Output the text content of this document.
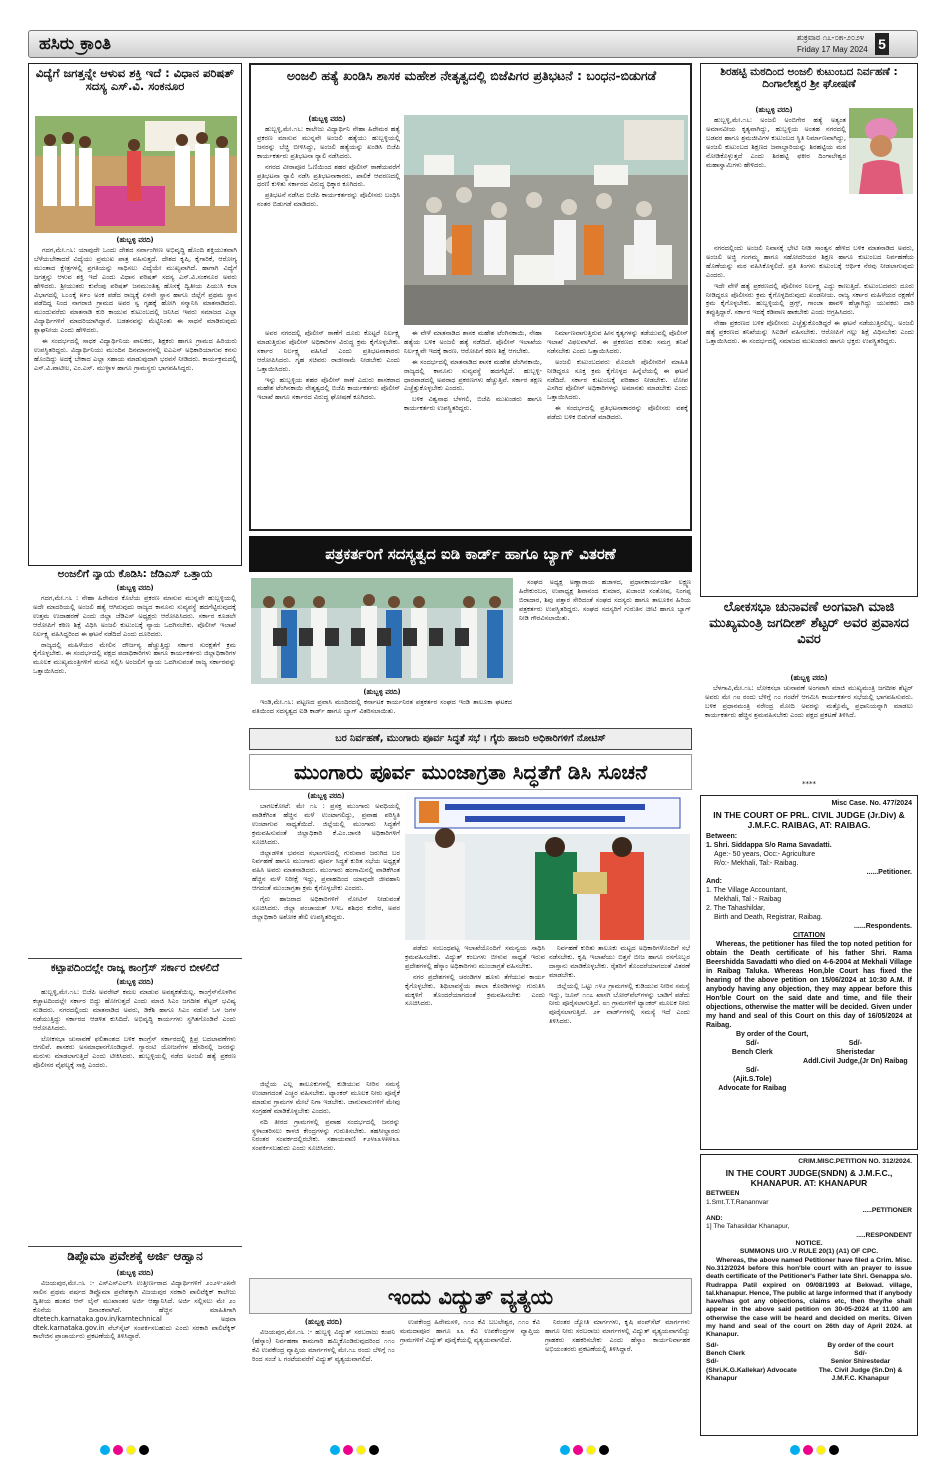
ಹಸಿರು ಕ್ರಾಂತಿ	ಶುಕ್ರವಾರ ೧೭-೦೫-೨೦೨೪
Friday 17 May 2024 5
ವಿದ್ಯೆಗೆ ಜಗತ್ತನ್ನೇ ಆಳುವ ಶಕ್ತಿ ಇದೆ : ವಿಧಾನ ಪರಿಷತ್ ಸದಸ್ಯ ಎಸ್.ವಿ. ಸಂಕನೂರ
(ಹುಬ್ಬಳ್ಳಿ ವರದಿ)

ಗದಗ,ಮೇ.೧೬: ಯಾವುದೇ ಒಂದು ದೇಶದ ಸರ್ವಾಂಗೀಣ ಅಭಿವೃದ್ಧಿ ಹೊಂದಿ ಶಕ್ತಿಯುತವಾಗಿ ಬೆಳೆಯಬೇಕಾದರೆ ವಿದ್ಯೆಯು ಪ್ರಮುಖ ಪಾತ್ರ ವಹಿಸುತ್ತದೆ. ದೇಶದ ಕೃಷಿ, ಕೈಗಾರಿಕೆ, ಆರೋಗ್ಯ ಮುಂತಾದ ಕ್ಷೇತ್ರಗಳಲ್ಲಿ ಪ್ರಗತಿಯನ್ನು ಸಾಧಿಸಲು ವಿದ್ಯೆಯೇ ಮುಖ್ಯವಾಗಿದೆ. ಹಾಗಾಗಿ ವಿದ್ಯೆಗೆ ಜಗತ್ತನ್ನು ಆಳುವ ಶಕ್ತಿ ಇದೆ ಎಂದು ವಿಧಾನ ಪರಿಷತ್ ಸದಸ್ಯ ಎಸ್.ವಿ.ಸಂಕನೂರ ಅವರು ಹೇಳಿದರು. ಶ್ರೀಯುತರು ಕುವೆಂಪು ಪರಿಷತ್ ಜನಮುಂತಿತ್ವ ಹೊಸಕ್ಕೆ ದ್ವಿತೀಯ ಪಿಯುಸಿ ಕಲಾ ವಿಭಾಗದಲ್ಲಿ ೬೦೦ಕ್ಕೆ ೫೯೦ ಅಂಕ ಪಡೆದ ರಾಜ್ಯಕ್ಕೆ ಏಳನೇ ಸ್ಥಾನ ಹಾಗೂ ಜಿಲ್ಲೆಗೆ ಪ್ರಥಮ ಸ್ಥಾನ ಪಡೆದಿದ್ದ ನಿಂದ ನಾಗರಾಜಿ ಗ್ರಾಮದ ಅವರ ಸ್ವ ಗೃಹಕ್ಕೆ ಹೋಗಿ ಸನ್ಮಾನಿಸಿ ಮಾತನಾಡಿದರು. ಮುಂದುವರೆದು ಮಾತನಾಡಿ ಕುರಿ ಕಾಯುವ ಕುಟುಂಬದಲ್ಲಿ ಜನಿಸಿದ ಇವರು ಸಮಾಜದ ಎಲ್ಲಾ ವಿದ್ಯಾರ್ಥಿಗಳಿಗೆ ಮಾದರಿಯಾಗಿದ್ದಾರೆ. ಬಡತನವನ್ನು ಮೆಟ್ಟಿನಿಂತು ಈ ಸಾಧನೆ ಮಾಡಿರುವುದು ಶ್ಲಾಘನೀಯ ಎಂದು ಹೇಳಿದರು.

ಈ ಸಂದರ್ಭದಲ್ಲಿ ಸಾಧಕ ವಿದ್ಯಾರ್ಥಿನಿಯ ಪಾಲಕರು, ಶಿಕ್ಷಕರು ಹಾಗೂ ಗ್ರಾಮದ ಹಿರಿಯರು ಉಪಸ್ಥಿತರಿದ್ದರು. ವಿದ್ಯಾರ್ಥಿನಿಯು ಮುಂದಿನ ದಿನಮಾನಗಳಲ್ಲಿ ಐಎಎಸ್ ಅಧಿಕಾರಿಯಾಗುವ ಕನಸು ಹೊಂದಿದ್ದು ಅದಕ್ಕೆ ಬೇಕಾದ ಎಲ್ಲಾ ಸಹಾಯ ಮಾಡುವುದಾಗಿ ಭರವಸೆ ನೀಡಿದರು. ಕಾರ್ಯಕ್ರಮದಲ್ಲಿ ಎಸ್.ವಿ.ಪಾಟೀಲ, ಎಂ.ಎಸ್. ಮುಳ್ಳಾಳ ಹಾಗೂ ಗ್ರಾಮಸ್ಥರು ಭಾಗವಹಿಸಿದ್ದರು.

ಅಂಜಲಿಗೆ ನ್ಯಾಯ ಕೊಡಿಸಿ: ಜೆಡಿಎಸ್ ಒತ್ತಾಯ
(ಹುಬ್ಬಳ್ಳಿ ವರದಿ)

ಗದಗ,ಮೇ.೧೬ : ನೇಹಾ ಹಿರೇಮಠ ಕೊಲೆಯ ಪ್ರಕರಣ ಮಾಸುವ ಮುನ್ನವೇ ಹುಬ್ಬಳ್ಳಿಯಲ್ಲಿ ಅದೇ ಮಾದರಿಯಲ್ಲಿ ಅಂಜಲಿ ಹತ್ಯೆ ಆಗಿರುವುದು ರಾಜ್ಯದ ಕಾನೂನು ಸುವ್ಯವಸ್ಥೆ ಹದಗೆಟ್ಟಿರುವುದಕ್ಕೆ ಉತ್ತಮ ಉದಾಹರಣೆ ಎಂದು ಜಿಲ್ಲಾ ಜೆಡಿಎಸ್ ಅಧ್ಯಕ್ಷರು ಆರೋಪಿಸಿದರು. ಸರ್ಕಾರ ಕೂಡಲೇ ಆರೋಪಿಗೆ ಕಠಿಣ ಶಿಕ್ಷೆ ವಿಧಿಸಿ ಅಂಜಲಿ ಕುಟುಂಬಕ್ಕೆ ನ್ಯಾಯ ಒದಗಿಸಬೇಕು. ಪೊಲೀಸ್ ಇಲಾಖೆ ನಿರ್ಲಕ್ಷ್ಯ ವಹಿಸಿದ್ದರಿಂದ ಈ ಘಟನೆ ನಡೆದಿದೆ ಎಂದು ದೂರಿದರು.

ರಾಜ್ಯದಲ್ಲಿ ಮಹಿಳೆಯರ ಮೇಲಿನ ದೌರ್ಜನ್ಯ ಹೆಚ್ಚುತ್ತಿದ್ದು ಸರ್ಕಾರ ಸುರಕ್ಷತೆಗೆ ಕ್ರಮ ಕೈಗೊಳ್ಳಬೇಕು. ಈ ಸಂದರ್ಭದಲ್ಲಿ ಪಕ್ಷದ ಪದಾಧಿಕಾರಿಗಳು ಹಾಗೂ ಕಾರ್ಯಕರ್ತರು ಜಿಲ್ಲಾಧಿಕಾರಿಗಳ ಮೂಲಕ ಮುಖ್ಯಮಂತ್ರಿಗಳಿಗೆ ಮನವಿ ಸಲ್ಲಿಸಿ ಅಂಜಲಿಗೆ ನ್ಯಾಯ ಒದಗಿಸುವಂತೆ ರಾಜ್ಯ ಸರ್ಕಾರವನ್ನು ಒತ್ತಾಯಿಸಿದರು.

ಕಟ್ಟಾಪದಿಂದಲ್ಲೇ ರಾಜ್ಯ ಕಾಂಗ್ರೆಸ್ ಸರ್ಕಾರ ಬೀಳಲಿದೆ
(ಹುಬ್ಬಳ್ಳಿ ವರದಿ)

ಹುಬ್ಬಳ್ಳಿ,ಮೇ.೧೬: ಬಿಜೆಪಿ ಅವರೇಟ್ ಕಮಲ ಮಾಡುವ ಅವಶ್ಯಕತೆಯಿಲ್ಲ. ಕಾಂಗ್ರೆಸ್‌ನೊಳಗಿನ ಕಚ್ಚಾಟದಿಂದಲ್ಲೇ ಸರ್ಕಾರ ಬಿದ್ದು ಹೋಗುತ್ತದೆ ಎಂದು ಮಾಜಿ ಸಿಎಂ ಜಗದೀಶ ಶೆಟ್ಟರ್ ಭವಿಷ್ಯ ನುಡಿದರು. ನಗರದಲ್ಲಿಂದು ಮಾತನಾಡಿದ ಅವರು, ಡಿಕೆಶಿ ಹಾಗೂ ಸಿಎಂ ನಡುವೆ ಒಳ ಜಗಳ ನಡೆಯುತ್ತಿದ್ದು ಸರ್ಕಾರದ ಆಡಳಿತ ಕುಸಿದಿದೆ. ಅಭಿವೃದ್ಧಿ ಕಾರ್ಯಗಳು ಸ್ಥಗಿತಗೊಂಡಿವೆ ಎಂದು ಆರೋಪಿಸಿದರು.

ಲೋಕಸಭಾ ಚುನಾವಣೆ ಫಲಿತಾಂಶದ ಬಳಿಕ ಕಾಂಗ್ರೆಸ್ ಸರ್ಕಾರದಲ್ಲಿ ಕ್ಷಿಪ್ರ ಬದಲಾವಣೆಗಳು ಆಗಲಿವೆ. ಶಾಸಕರು ಅಸಮಾಧಾನಗೊಂಡಿದ್ದಾರೆ. ಗ್ಯಾರಂಟಿ ಯೋಜನೆಗಳ ಹೆಸರಿನಲ್ಲಿ ಜನರನ್ನು ಮರುಳು ಮಾಡಲಾಗುತ್ತಿದೆ ಎಂದು ಟೀಕಿಸಿದರು. ಹುಬ್ಬಳ್ಳಿಯಲ್ಲಿ ನಡೆದ ಅಂಜಲಿ ಹತ್ಯೆ ಪ್ರಕರಣ ಪೊಲೀಸರ ವೈಫಲ್ಯಕ್ಕೆ ಸಾಕ್ಷಿ ಎಂದರು.

ಡಿಪ್ಲೊಮಾ ಪ್ರವೇಶಕ್ಕೆ ಅರ್ಜಿ ಆಹ್ವಾನ
(ಹುಬ್ಬಳ್ಳಿ ವರದಿ)

ವಿಜಯಪುರ,ಮೇ.೧೬ :- ಎಸ್ಎಸ್ಎಲ್‌ಸಿ ಉತ್ತೀರ್ಣರಾದ ವಿದ್ಯಾರ್ಥಿಗಳಿಗೆ ೨೦೨೪-೨೫ನೇ ಸಾಲಿನ ಪ್ರಥಮ ವರ್ಷದ ಡಿಪ್ಲೊಮಾ ಪ್ರವೇಶಕ್ಕಾಗಿ ವಿಜಯಪುರ ಸರಕಾರಿ ಪಾಲಿಟೆಕ್ನಿಕ್ ಕಾಲೇಜು ದ್ವಿತೀಯ ಹಂತದ ಆನ್ ಲೈನ್ ಮುಖಾಂತರ ಅರ್ಜಿ ಆಹ್ವಾನಿಸಿದೆ. ಅರ್ಜಿ ಸಲ್ಲಿಸಲು ಮೇ ೨೦ ಕೊನೆಯ ದಿನಾಂಕವಾಗಿದೆ. ಹೆಚ್ಚಿನ ಮಾಹಿತಿಗಾಗಿ dtetech.karnataka.gov.in/karntechnical ಅಥವಾ dtek.karnataka.gov.in ವೆಬ್‌ಸೈಟ್ ಸಂಪರ್ಕಿಸಬಹುದು ಎಂದು ಸರಕಾರಿ ಪಾಲಿಟೆಕ್ನಿಕ್ ಕಾಲೇಜಿನ ಪ್ರಾಚಾರ್ಯರು ಪ್ರಕಟಣೆಯಲ್ಲಿ ತಿಳಿಸಿದ್ದಾರೆ.

ಅಂಜಲಿ ಹತ್ಯೆ ಖಂಡಿಸಿ ಶಾಸಕ ಮಹೇಶ ನೇತೃತ್ವದಲ್ಲಿ ಬಿಜೆಪಿಗರ ಪ್ರತಿಭಟನೆ : ಬಂಧನ-ಬಿಡುಗಡೆ
(ಹುಬ್ಬಳ್ಳಿ ವರದಿ)

ಹುಬ್ಬಳ್ಳಿ,ಮೇ.೧೬: ಕಾಲೇಜು ವಿದ್ಯಾರ್ಥಿನಿ ನೇಹಾ ಹಿರೇಮಠ ಹತ್ಯೆ ಪ್ರಕರಣ ಮಾಸುವ ಮುನ್ನವೇ ಅಂಜಲಿ ಹತ್ಯೆಯು ಹುಬ್ಬಳ್ಳಿಯಲ್ಲಿ ಜನರನ್ನು ಬೆಚ್ಚಿ ಬೀಳಿಸಿದ್ದು, ಅಂಜಲಿ ಹತ್ಯೆಯನ್ನು ಖಂಡಿಸಿ ಬಿಜೆಪಿ ಕಾರ್ಯಕರ್ತರು ಪ್ರತಿಭಟನಾ ರ‍್ಯಾಲಿ ನಡೆಸಿದರು.

ನಗರದ ವೀರಾಪೂರ ಓಣಿಯಿಂದ ಶಹರ ಪೊಲೀಸ್ ಠಾಣೆಯವರೆಗೆ ಪ್ರತಿಭಟನಾ ರ‍್ಯಾಲಿ ನಡೆಸಿ ಪ್ರತಿಭಟನಾಕಾರರು, ಪಾಲಿಕೆ ಆವರಣದಲ್ಲಿ ಧರಣಿ ಕುಳಿತು ಸರ್ಕಾರದ ವಿರುದ್ಧ ಧಿಕ್ಕಾರ ಕೂಗಿದರು.

ಪ್ರತಿಭಟನೆ ನಡೆಸಿದ ಬಿಜೆಪಿ ಕಾರ್ಯಕರ್ತರನ್ನು ಪೊಲೀಸರು ಬಂಧಿಸಿ ನಂತರ ಬಿಡುಗಡೆ ಮಾಡಿದರು.

ಅವರ ನಗರದಲ್ಲಿ ಪೊಲೀಸ್ ಠಾಣೆಗೆ ದೂರು ಕೊಟ್ಟರೆ ನಿರ್ಲಕ್ಷ್ಯ ಮಾಡುತ್ತಿರುವ ಪೊಲೀಸ್ ಅಧಿಕಾರಿಗಳ ವಿರುದ್ಧ ಕ್ರಮ ಕೈಗೊಳ್ಳಬೇಕು. ಸರ್ಕಾರ ನಿರ್ಲಕ್ಷ್ಯ ವಹಿಸಿದೆ ಎಂದು ಪ್ರತಿಭಟನಾಕಾರರು ಆರೋಪಿಸಿದರು. ಗೃಹ ಸಚಿವರು ರಾಜೀನಾಮೆ ನೀಡಬೇಕು ಎಂದು ಒತ್ತಾಯಿಸಿದರು.

ಇನ್ನು ಹುಬ್ಬಳ್ಳಿಯ ಶಹರ ಪೊಲೀಸ್ ಠಾಣೆ ಎದುರು ಶಾಸಕರಾದ ಮಹೇಶ ಟೆಂಗಿನಕಾಯಿ ನೇತೃತ್ವದಲ್ಲಿ ಬಿಜೆಪಿ ಕಾರ್ಯಕರ್ತರು ಪೊಲೀಸ್ ಇಲಾಖೆ ಹಾಗೂ ಸರ್ಕಾರದ ವಿರುದ್ಧ ಘೋಷಣೆ ಕೂಗಿದರು.

ಈ ವೇಳೆ ಮಾತನಾಡಿದ ಶಾಸಕ ಮಹೇಶ ಟೆಂಗಿನಕಾಯಿ, ನೇಹಾ ಹತ್ಯೆಯ ಬಳಿಕ ಅಂಜಲಿ ಹತ್ಯೆ ನಡೆದಿದೆ. ಪೊಲೀಸ್ ಇಲಾಖೆಯ ನಿರ್ಲಕ್ಷ್ಯವೇ ಇದಕ್ಕೆ ಕಾರಣ. ಆರೋಪಿಗೆ ಕಠಿಣ ಶಿಕ್ಷೆ ಆಗಬೇಕು.

ಈ ಸಂದರ್ಭದಲ್ಲಿ ಮಾತನಾಡಿದ ಶಾಸಕ ಮಹೇಶ ಟೆಂಗಿನಕಾಯಿ, ರಾಜ್ಯದಲ್ಲಿ ಕಾನೂನು ಸುವ್ಯವಸ್ಥೆ ಹದಗೆಟ್ಟಿದೆ. ಹುಬ್ಬಳ್ಳಿ-ಧಾರವಾಡದಲ್ಲಿ ಅಪರಾಧ ಪ್ರಕರಣಗಳು ಹೆಚ್ಚುತ್ತಿವೆ. ಸರ್ಕಾರ ತಕ್ಷಣ ಎಚ್ಚೆತ್ತುಕೊಳ್ಳಬೇಕು ಎಂದರು.

ಬಳಿಕ ವಿಶ್ವನಾಥ ಬೆಳಗಲಿ, ಬಿಜೆಪಿ ಮುಖಂಡರು ಹಾಗೂ ಕಾರ್ಯಕರ್ತರು ಉಪಸ್ಥಿತರಿದ್ದರು.

ನಿರ್ಮಾಣವಾಗುತ್ತಿರುವ ಹೀನ ಕೃತ್ಯಗಳನ್ನು ತಡೆಯುವಲ್ಲಿ ಪೊಲೀಸ್ ಇಲಾಖೆ ವಿಫಲವಾಗಿದೆ. ಈ ಪ್ರಕರಣದ ಕುರಿತು ಸಮಗ್ರ ತನಿಖೆ ನಡೆಸಬೇಕು ಎಂದು ಒತ್ತಾಯಿಸಿದರು.

ಅಂಜಲಿ ಕುಟುಂಬದವರು ಮೊದಲೇ ಪೊಲೀಸರಿಗೆ ಮಾಹಿತಿ ನೀಡಿದ್ದರೂ ಸೂಕ್ತ ಕ್ರಮ ಕೈಗೊಳ್ಳದ ಹಿನ್ನೆಲೆಯಲ್ಲಿ ಈ ಘಟನೆ ನಡೆದಿದೆ. ಸರ್ಕಾರ ಕುಟುಂಬಕ್ಕೆ ಪರಿಹಾರ ನೀಡಬೇಕು. ಲೋಪ ಎಸಗಿದ ಪೊಲೀಸ್ ಅಧಿಕಾರಿಗಳನ್ನು ಅಮಾನತು ಮಾಡಬೇಕು ಎಂದು ಒತ್ತಾಯಿಸಿದರು.

ಈ ಸಂದರ್ಭದಲ್ಲಿ ಪ್ರತಿಭಟನಾಕಾರರನ್ನು ಪೊಲೀಸರು ವಶಕ್ಕೆ ಪಡೆದು ಬಳಿಕ ಬಿಡುಗಡೆ ಮಾಡಿದರು.

ಪತ್ರಕರ್ತರಿಗೆ ಸದಸ್ಯತ್ವದ ಐಡಿ ಕಾರ್ಡ್ ಹಾಗೂ ಬ್ಯಾಗ್ ವಿತರಣೆ
(ಹುಬ್ಬಳ್ಳಿ ವರದಿ)

ಇಂಡಿ,ಮೇ.೧೬: ಪಟ್ಟಣದ ಪ್ರವಾಸಿ ಮಂದಿರದಲ್ಲಿ ಕರ್ನಾಟಕ ಕಾರ್ಯನಿರತ ಪತ್ರಕರ್ತರ ಸಂಘದ ಇಂಡಿ ತಾಲೂಕಾ ಘಟಕದ ವತಿಯಿಂದ ಸದಸ್ಯತ್ವದ ಐಡಿ ಕಾರ್ಡ್ ಹಾಗೂ ಬ್ಯಾಗ್ ವಿತರಿಸಲಾಯಿತು.

ಸಂಘದ ಅಧ್ಯಕ್ಷ ಅಣ್ಣಾರಾಯ ಹಜಾಳದ, ಪ್ರಧಾನಕಾರ್ಯದರ್ಶಿ ಲಕ್ಷ್ಮಣ ಹಿರೇಕುರಬರ, ಉಪಾಧ್ಯಕ್ಷ ಶಿವಾನಂದ ಕುಮಾರ, ಖಜಾಂಚಿ ಸಂತೋಷ, ನಿಂಗಪ್ಪ ಬಿರಾದಾರ, ಶಿವು ಪತ್ತಾರ ಸೇರಿದಂತೆ ಸಂಘದ ಸದಸ್ಯರು ಹಾಗೂ ತಾಲೂಕಿನ ಹಿರಿಯ ಪತ್ರಕರ್ತರು ಉಪಸ್ಥಿತರಿದ್ದರು. ಸಂಘದ ಸದಸ್ಯರಿಗೆ ಗುರುತಿನ ಚೀಟಿ ಹಾಗೂ ಬ್ಯಾಗ್ ನೀಡಿ ಗೌರವಿಸಲಾಯಿತು.

ಬರ ನಿರ್ವಹಣೆ, ಮುಂಗಾರು ಪೂರ್ವ ಸಿದ್ಧತೆ ಸಭೆ । ಗೈರು ಹಾಜರಿ ಅಧಿಕಾರಿಗಳಿಗೆ ನೋಟಿಸ್
ಮುಂಗಾರು ಪೂರ್ವ ಮುಂಜಾಗ್ರತಾ ಸಿದ್ಧತೆಗೆ ಡಿಸಿ ಸೂಚನೆ
(ಹುಬ್ಬಳ್ಳಿ ವರದಿ)

ಬಾಗಲಕೋಟೆ: ಮೇ ೧೬ : ಪ್ರಸಕ್ತ ಮುಂಗಾರು ಅವಧಿಯಲ್ಲಿ ವಾಡಿಕೆಗಿಂತ ಹೆಚ್ಚಿನ ಮಳೆ ಉಂಟಾಗಲಿದ್ದು, ಪ್ರವಾಹ ಪರಿಸ್ಥಿತಿ ಉಂಟಾಗುವ ಸಾಧ್ಯತೆಯಿದೆ. ಜಿಲ್ಲೆಯಲ್ಲಿ ಮುಂಗಾರು ಸಿದ್ಧತೆಗೆ ಕ್ರಮವಹಿಸುವಂತೆ ಜಿಲ್ಲಾಧಿಕಾರಿ ಕೆ.ಎಂ.ಜಾನಕಿ ಅಧಿಕಾರಿಗಳಿಗೆ ಸೂಚಿಸಿದರು.

ಜಿಲ್ಲಾಡಳಿತ ಭವನದ ಸಭಾಂಗಣದಲ್ಲಿ ಗುರುವಾರ ಜರುಗಿದ ಬರ ನಿರ್ವಹಣೆ ಹಾಗೂ ಮುಂಗಾರು ಪೂರ್ವ ಸಿದ್ಧತೆ ಕುರಿತ ಸಭೆಯ ಅಧ್ಯಕ್ಷತೆ ವಹಿಸಿ ಅವರು ಮಾತನಾಡಿದರು. ಮುಂಗಾರು ಹಂಗಾಮಿನಲ್ಲಿ ವಾಡಿಕೆಗಿಂತ ಹೆಚ್ಚಿನ ಮಳೆ ನಿರೀಕ್ಷೆ ಇದ್ದು, ಪ್ರವಾಹದಿಂದ ಯಾವುದೇ ಜೀವಹಾನಿ ಆಗದಂತೆ ಮುಂಜಾಗ್ರತಾ ಕ್ರಮ ಕೈಗೊಳ್ಳಬೇಕು ಎಂದರು.

ಗೈರು ಹಾಜರಾದ ಅಧಿಕಾರಿಗಳಿಗೆ ನೋಟಿಸ್ ನೀಡುವಂತೆ ಸೂಚಿಸಿದರು. ಜಿಲ್ಲಾ ಪಂಚಾಯತ್ ಸಿಇಒ ಶಶಿಧರ ಕುರೇರ, ಅಪರ ಜಿಲ್ಲಾಧಿಕಾರಿ ಅಶೋಕ ತೇಲಿ ಉಪಸ್ಥಿತರಿದ್ದರು.

ಜಿಲ್ಲೆಯ ಎಲ್ಲ ತಾಲೂಕುಗಳಲ್ಲಿ ಕುಡಿಯುವ ನೀರಿನ ಸಮಸ್ಯೆ ಉಂಟಾಗದಂತೆ ಎಚ್ಚರ ವಹಿಸಬೇಕು. ಟ್ಯಾಂಕರ್ ಮೂಲಕ ನೀರು ಪೂರೈಕೆ ಮಾಡುವ ಗ್ರಾಮಗಳ ಮೇಲೆ ನಿಗಾ ಇಡಬೇಕು. ಜಾನುವಾರುಗಳಿಗೆ ಮೇವು ಸಂಗ್ರಹಣೆ ಮಾಡಿಕೊಳ್ಳಬೇಕು ಎಂದರು.

ನದಿ ತೀರದ ಗ್ರಾಮಗಳಲ್ಲಿ ಪ್ರವಾಹ ಸಂದರ್ಭದಲ್ಲಿ ಜನರನ್ನು ಸ್ಥಳಾಂತರಿಸಲು ಕಾಳಜಿ ಕೇಂದ್ರಗಳನ್ನು ಗುರುತಿಸಬೇಕು. ತಹಸೀಲ್ದಾರರು ನಿರಂತರ ಸಂಪರ್ಕದಲ್ಲಿರಬೇಕು. ಸಹಾಯವಾಣಿ ೯೨೪೩೩೪೫೪೩೩ ಸಂಪರ್ಕಿಸಬಹುದು ಎಂದು ಸೂಚಿಸಿದರು.

ಪಡೆದು ಸಂಬಂಧಪಟ್ಟ ಇಲಾಖೆಯೊಂದಿಗೆ ಸಮನ್ವಯ ಸಾಧಿಸಿ ಕ್ರಮವಹಿಸಬೇಕು. ವಿದ್ಯುತ್ ಕಂಬಗಳು ಬೀಳುವ ಸಾಧ್ಯತೆ ಇರುವ ಪ್ರದೇಶಗಳಲ್ಲಿ ಹೆಸ್ಕಾಂ ಅಧಿಕಾರಿಗಳು ಮುಂಜಾಗ್ರತೆ ವಹಿಸಬೇಕು.

ನಗರ ಪ್ರದೇಶಗಳಲ್ಲಿ ಚರಂಡಿಗಳ ಹೂಳು ತೆಗೆಯುವ ಕಾರ್ಯ ಕೈಗೊಳ್ಳಬೇಕು. ಶಿಥಿಲಾವಸ್ಥೆಯ ಶಾಲಾ ಕೊಠಡಿಗಳನ್ನು ಗುರುತಿಸಿ ಮಕ್ಕಳಿಗೆ ತೊಂದರೆಯಾಗದಂತೆ ಕ್ರಮವಹಿಸಬೇಕು ಎಂದು ಸೂಚಿಸಿದರು.

ನಿರ್ವಹಣೆ ಕುರಿತು ತಾಲೂಕು ಮಟ್ಟದ ಅಧಿಕಾರಿಗಳೊಂದಿಗೆ ಸಭೆ ನಡೆಸಬೇಕು. ಕೃಷಿ ಇಲಾಖೆಯು ಬಿತ್ತನೆ ಬೀಜ ಹಾಗೂ ರಸಗೊಬ್ಬರ ದಾಸ್ತಾನು ಮಾಡಿಕೊಳ್ಳಬೇಕು. ರೈತರಿಗೆ ತೊಂದರೆಯಾಗದಂತೆ ವಿತರಣೆ ಮಾಡಬೇಕು.

ಜಿಲ್ಲೆಯಲ್ಲಿ ಒಟ್ಟು ೧೪೨ ಗ್ರಾಮಗಳಲ್ಲಿ ಕುಡಿಯುವ ನೀರಿನ ಸಮಸ್ಯೆ ಇದ್ದು, ಜೂನ್ ೧೧೭ ಖಾಸಗಿ ಬೋರ್‌ವೆಲ್‌ಗಳನ್ನು ಬಾಡಿಗೆ ಪಡೆದು ನೀರು ಪೂರೈಸಲಾಗುತ್ತಿದೆ. ೮೧ ಗ್ರಾಮಗಳಿಗೆ ಟ್ಯಾಂಕರ್ ಮೂಲಕ ನೀರು ಪೂರೈಸಲಾಗುತ್ತಿದೆ. ೨೯ ವಾರ್ಡ್‌ಗಳಲ್ಲಿ ಸಮಸ್ಯೆ ಇದೆ ಎಂದು ತಿಳಿಸಿದರು.

ಇಂದು ವಿದ್ಯುತ್ ವ್ಯತ್ಯಯ
(ಹುಬ್ಬಳ್ಳಿ ವರದಿ)

ವಿಜಯಪುರ,ಮೇ.೧೬ :- ಹುಬ್ಬಳ್ಳಿ ವಿದ್ಯುತ್ ಸರಬರಾಜು ಕಂಪನಿ (ಹೆಸ್ಕಾಂ) ನಿರ್ವಹಣಾ ಕಾಮಗಾರಿ ಹಮ್ಮಿಕೊಂಡಿರುವುದರಿಂದ ೧೧೦ ಕೆವಿ ಉಪಕೇಂದ್ರ ವ್ಯಾಪ್ತಿಯ ಮಾರ್ಗಗಳಲ್ಲಿ ಮೇ.೧೭ ರಂದು ಬೆಳಿಗ್ಗೆ ೧೦ ರಿಂದ ಸಂಜೆ ೬ ಗಂಟೆಯವರೆಗೆ ವಿದ್ಯುತ್ ವ್ಯತ್ಯಯವಾಗಲಿದೆ.

ಉಪಕೇಂದ್ರ ಹಿರೇಮಸಳಿ, ೧೧೦ ಕೆವಿ ಬಬಲೇಶ್ವರ, ೧೧೦ ಕೆವಿ ಮಮದಾಪೂರ ಹಾಗೂ ೩೩ ಕೆವಿ ಉಪಕೇಂದ್ರಗಳ ವ್ಯಾಪ್ತಿಯ ಗ್ರಾಮಗಳಿಗೆ ವಿದ್ಯುತ್ ಪೂರೈಕೆಯಲ್ಲಿ ವ್ಯತ್ಯಯವಾಗಲಿದೆ.

ನಿರಂತರ ಜ್ಯೋತಿ ಮಾರ್ಗಗಳು, ಕೃಷಿ ಪಂಪ್‌ಸೆಟ್ ಮಾರ್ಗಗಳು ಹಾಗೂ ನೀರು ಸರಬರಾಜು ಮಾರ್ಗಗಳಲ್ಲಿ ವಿದ್ಯುತ್ ವ್ಯತ್ಯಯವಾಗಲಿದ್ದು ಗ್ರಾಹಕರು ಸಹಕರಿಸಬೇಕು ಎಂದು ಹೆಸ್ಕಾಂ ಕಾರ್ಯನಿರ್ವಾಹಕ ಅಭಿಯಂತರರು ಪ್ರಕಟಣೆಯಲ್ಲಿ ತಿಳಿಸಿದ್ದಾರೆ.

ಶಿರಹಟ್ಟಿ ಮಠದಿಂದ ಅಂಜಲಿ ಕುಟುಂಬದ ನಿರ್ವಹಣೆ : ದಿಂಗಾಲೇಶ್ವರ ಶ್ರೀ ಘೋಷಣೆ
(ಹುಬ್ಬಳ್ಳಿ ವರದಿ)

ಹುಬ್ಬಳ್ಳಿ,ಮೇ.೧೬: ಅಂಜಲಿ ಅಂಬಿಗೇರ ಹತ್ಯೆ ಅತ್ಯಂತ ಅಮಾನವೀಯ ಕೃತ್ಯವಾಗಿದ್ದು, ಹುಬ್ಬಳ್ಳಿಯ ಅಂತಹ ನಗರದಲ್ಲಿ ಬಡವರ ಹಾಗೂ ಶ್ರಮಜೀವಿಗಳ ಕುಟುಂಬದ ಸ್ಥಿತಿ ನಿರ್ಮಾಣವಾಗಿದ್ದು, ಅಂಜಲಿ ಕುಟುಂಬದ ಶಿಕ್ಷಣದ ಜವಾಬ್ದಾರಿಯನ್ನು ಶಿರಹಟ್ಟಿಯ ಮಠ ನೋಡಿಕೊಳ್ಳುತ್ತದೆ ಎಂದು ಶಿರಹಟ್ಟಿ ಫಕೀರ ದಿಂಗಾಲೇಶ್ವರ ಮಹಾಸ್ವಾಮಿಗಳು ಹೇಳಿದರು.

ನಗರದಲ್ಲಿಂದು ಅಂಜಲಿ ನಿವಾಸಕ್ಕೆ ಭೇಟಿ ನೀಡಿ ಸಾಂತ್ವನ ಹೇಳಿದ ಬಳಿಕ ಮಾತನಾಡಿದ ಅವರು, ಅಂಜಲಿ ಅಜ್ಜಿ ಗಂಗಮ್ಮ ಹಾಗೂ ಸಹೋದರಿಯರ ಶಿಕ್ಷಣ ಹಾಗೂ ಕುಟುಂಬದ ನಿರ್ವಹಣೆಯ ಹೊಣೆಯನ್ನು ಮಠ ವಹಿಸಿಕೊಳ್ಳಲಿದೆ. ಪ್ರತಿ ತಿಂಗಳು ಕುಟುಂಬಕ್ಕೆ ಆರ್ಥಿಕ ನೆರವು ನೀಡಲಾಗುವುದು ಎಂದರು.

ಇದೇ ವೇಳೆ ಹತ್ಯೆ ಪ್ರಕರಣದಲ್ಲಿ ಪೊಲೀಸರ ನಿರ್ಲಕ್ಷ್ಯ ಎದ್ದು ಕಾಣುತ್ತಿದೆ. ಕುಟುಂಬದವರು ದೂರು ನೀಡಿದ್ದರೂ ಪೊಲೀಸರು ಕ್ರಮ ಕೈಗೊಳ್ಳದಿರುವುದು ಖಂಡನೀಯ. ರಾಜ್ಯ ಸರ್ಕಾರ ಮಹಿಳೆಯರ ರಕ್ಷಣೆಗೆ ಕ್ರಮ ಕೈಗೊಳ್ಳಬೇಕು. ಹುಬ್ಬಳ್ಳಿಯಲ್ಲಿ ಡ್ರಗ್ಸ್, ಗಾಂಜಾ ಹಾವಳಿ ಹೆಚ್ಚಾಗಿದ್ದು ಯುವಕರು ದಾರಿ ತಪ್ಪುತ್ತಿದ್ದಾರೆ. ಸರ್ಕಾರ ಇದಕ್ಕೆ ಕಡಿವಾಣ ಹಾಕಬೇಕು ಎಂದು ಆಗ್ರಹಿಸಿದರು.

ನೇಹಾ ಪ್ರಕರಣದ ಬಳಿಕ ಪೊಲೀಸರು ಎಚ್ಚೆತ್ತುಕೊಂಡಿದ್ದರೆ ಈ ಘಟನೆ ನಡೆಯುತ್ತಿರಲಿಲ್ಲ. ಅಂಜಲಿ ಹತ್ಯೆ ಪ್ರಕರಣದ ತನಿಖೆಯನ್ನು ಸಿಐಡಿಗೆ ವಹಿಸಬೇಕು. ಆರೋಪಿಗೆ ಗಲ್ಲು ಶಿಕ್ಷೆ ವಿಧಿಸಬೇಕು ಎಂದು ಒತ್ತಾಯಿಸಿದರು. ಈ ಸಂದರ್ಭದಲ್ಲಿ ಸಮಾಜದ ಮುಖಂಡರು ಹಾಗೂ ಭಕ್ತರು ಉಪಸ್ಥಿತರಿದ್ದರು.

ಲೋಕಸಭಾ ಚುನಾವಣೆ ಅಂಗವಾಗಿ ಮಾಜಿ ಮುಖ್ಯಮಂತ್ರಿ ಜಗದೀಶ್ ಶೆಟ್ಟರ್ ಅವರ ಪ್ರವಾಸದ ವಿವರ
(ಹುಬ್ಬಳ್ಳಿ ವರದಿ)

ಬೆಳಗಾವಿ,ಮೇ.೧೬: ಲೋಕಸಭಾ ಚುನಾವಣೆ ಅಂಗವಾಗಿ ಮಾಜಿ ಮುಖ್ಯಮಂತ್ರಿ ಜಗದೀಶ ಶೆಟ್ಟರ್ ಅವರು ಮೇ ೧೮ ರಂದು ಬೆಳಿಗ್ಗೆ ೧೦ ಗಂಟೆಗೆ ಆಗಮಿಸಿ ಕಾರ್ಯಕರ್ತರ ಸಭೆಯಲ್ಲಿ ಭಾಗವಹಿಸುವರು. ಬಳಿಕ ಪ್ರಧಾನಮಂತ್ರಿ ನರೇಂದ್ರ ಮೋದಿ ಅವರನ್ನು ಮತ್ತೊಮ್ಮೆ ಪ್ರಧಾನಿಯನ್ನಾಗಿ ಮಾಡಲು ಕಾರ್ಯಕರ್ತರು ಹೆಚ್ಚಿನ ಶ್ರಮವಹಿಸಬೇಕು ಎಂದು ಪಕ್ಷದ ಪ್ರಕಟಣೆ ತಿಳಿಸಿದೆ.

****
Misc Case. No. 477/2024
IN THE COURT OF PRL. CIVIL JUDGE (Jr.Div) & J.M.F.C. RAIBAG, AT: RAIBAG.
Between:
1. Shri. Siddappa S/o Rama Savadatti.
Age:- 50 years, Occ:- Agriculture
R/o:- Mekhali, Tal:- Raibag.
......Petitioner.
And:
1. The Village Accountant,
Mekhali, Tal :- Raibag
2. The Tahashildar,
Birth and Death, Registrar, Raibag.
......Respondents.
CITATION
Whereas, the petitioner has filed the top noted petition for obtain the Death certificate of his father Shri. Rama Beershidda Savadatti who died on 4-6-2004 at Mekhali Village in Raibag Taluka. Whereas Hon,ble Court has fixed the hearing of the above petition on 15/06/2024 at 10:30 A.M. If anybody having any objection, they may appear before this Hon'ble Court on the said date and time, and file their objections, otherwise the matter will be decided. Given under my hand and seal of this Court on this day of 16/05/2024 at Raibag.
By order of the Court,
Sd/-
Bench Clerk
Sd/-
Sheristedar
Addl.Civil Judge,(Jr Dn) Raibag
Sd/-
(Ajit.S.Tole)
Advocate for Raibag
CRIM.MISC.PETITION NO. 312/2024.
IN THE COURT JUDGE(SNDN) & J.M.F.C., KHANAPUR. AT: KHANAPUR
BETWEEN
1.Smt.T.T.Ranannvar
.....PETITIONER
AND:
1] The Tahasildar Khanapur,
.....RESPONDENT
NOTICE.
SUMMONS U/O .V RULE 20(1) (A1) OF CPC.
Whereas, the above named Petitioner have filed a Crim. Misc. No.312/2024 before this hon'ble court with an prayer to issue death certificate of the Petitioner's Father late Shri. Genappa s/o. Rudrappa Patil expired on 09/08/1993 at Bekwad. village, tal.khanapur. Hence, The public at large informed that if anybody have/has got any objections, claims etc, then they/he shall appear in the above said petition on 30-05-2024 at 11.00 am otherwise the case will be heard and decided on merits. Given my hand and seal of the court on 26th day of April 2024. at Khanapur.
Sd/-
Bench Clerk
Sd/-
(Shri.K.G.Kallekar) Advocate Khanapur
By order of the court
Sd/-
Senior Shirestedar
The. Civil Judge (Sn.Dn) & J.M.F.C. Khanapur
